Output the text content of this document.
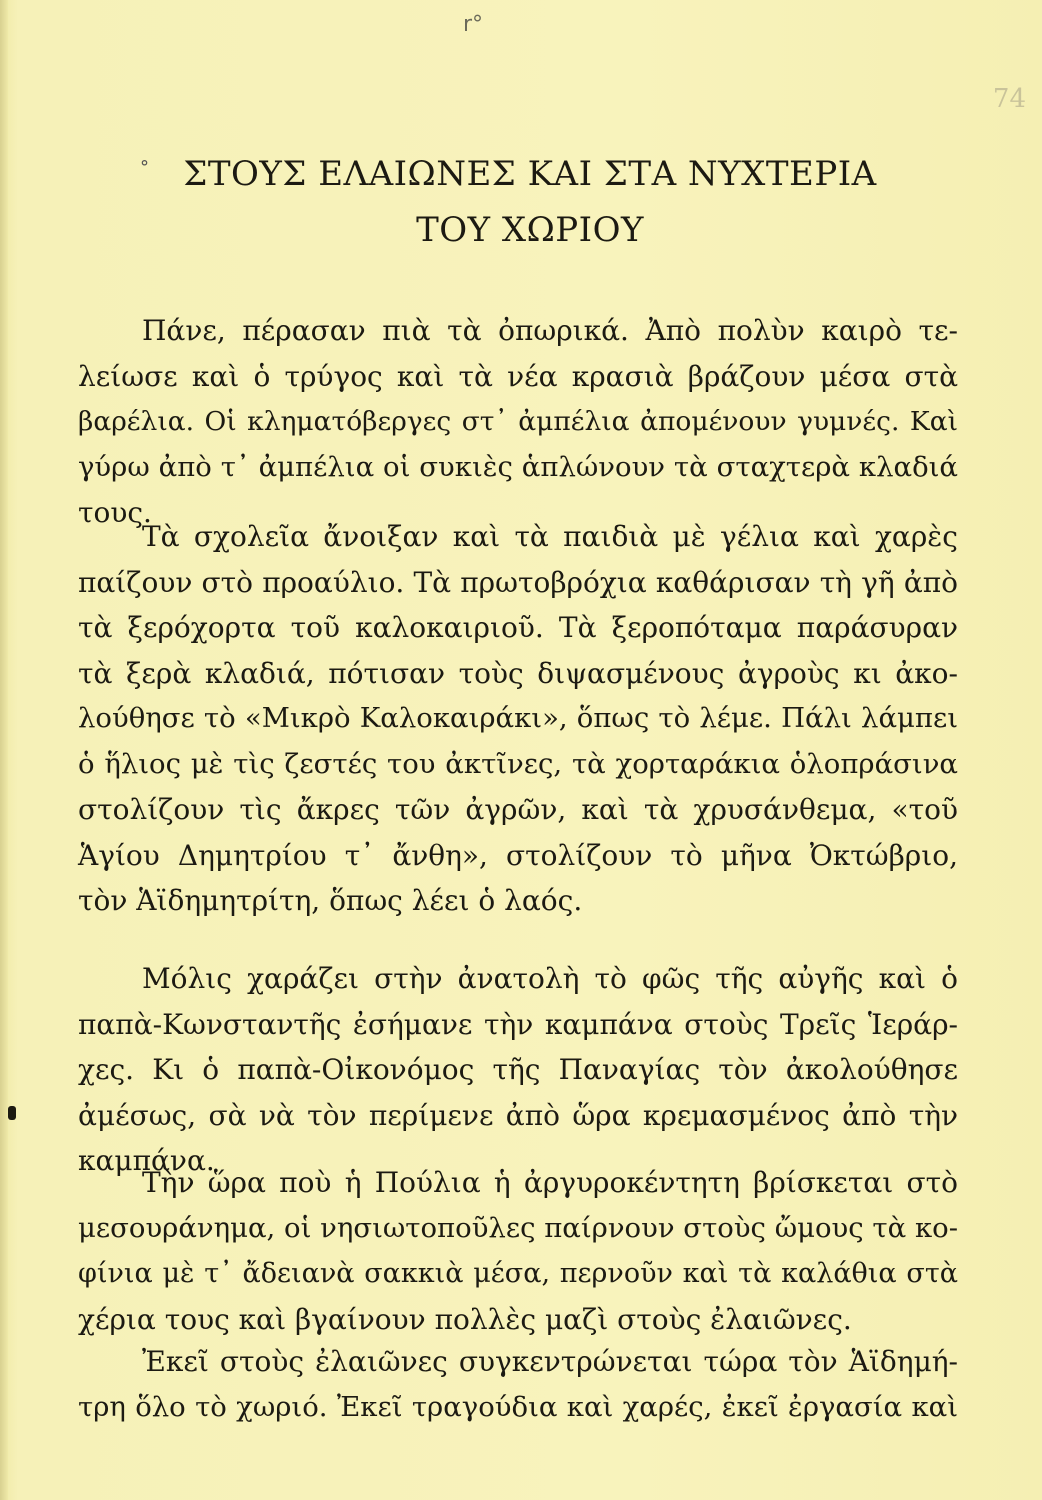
r°
74
° ΣΤΟΥΣ ΕΛΑΙΩΝΕΣ ΚΑΙ ΣΤΑ ΝΥΧΤΕΡΙΑ
ΤΟΥ ΧΩΡΙΟΥ
Πάνε, πέρασαν πιὰ τὰ ὀπωρικά. Ἀπὸ πολὺν καιρὸ τε-
λείωσε καὶ ὁ τρύγος καὶ τὰ νέα κρασιὰ βράζουν μέσα στὰ
βαρέλια. Οἱ κληματόβεργες στ᾽ ἀμπέλια ἀπομένουν γυμνές. Καὶ
γύρω ἀπὸ τ᾽ ἀμπέλια οἱ συκιὲς ἁπλώνουν τὰ σταχτερὰ κλαδιά
τους.
Τὰ σχολεῖα ἄνοιξαν καὶ τὰ παιδιὰ μὲ γέλια καὶ χαρὲς
παίζουν στὸ προαύλιο. Τὰ πρωτοβρόχια καθάρισαν τὴ γῆ ἀπὸ
τὰ ξερόχορτα τοῦ καλοκαιριοῦ. Τὰ ξεροπόταμα παράσυραν
τὰ ξερὰ κλαδιά, πότισαν τοὺς διψασμένους ἀγροὺς κι ἀκο-
λούθησε τὸ «Μικρὸ Καλοκαιράκι», ὅπως τὸ λέμε. Πάλι λάμπει
ὁ ἥλιος μὲ τὶς ζεστές του ἀκτῖνες, τὰ χορταράκια ὁλοπράσινα
στολίζουν τὶς ἄκρες τῶν ἀγρῶν, καὶ τὰ χρυσάνθεμα, «τοῦ
Ἁγίου Δημητρίου τ᾽ ἄνθη», στολίζουν τὸ μῆνα Ὀκτώβριο,
τὸν Ἁϊδημητρίτη, ὅπως λέει ὁ λαός.
Μόλις χαράζει στὴν ἀνατολὴ τὸ φῶς τῆς αὐγῆς καὶ ὁ
παπὰ-Κωνσταντῆς ἐσήμανε τὴν καμπάνα στοὺς Τρεῖς Ἱεράρ-
χες. Κι ὁ παπὰ-Οἰκονόμος τῆς Παναγίας τὸν ἀκολούθησε
ἀμέσως, σὰ νὰ τὸν περίμενε ἀπὸ ὥρα κρεμασμένος ἀπὸ τὴν
καμπάνα.
Τὴν ὥρα ποὺ ἡ Πούλια ἡ ἀργυροκέντητη βρίσκεται στὸ
μεσουράνημα, οἱ νησιωτοποῦλες παίρνουν στοὺς ὤμους τὰ κο-
φίνια μὲ τ᾽ ἄδειανὰ σακκιὰ μέσα, περνοῦν καὶ τὰ καλάθια στὰ
χέρια τους καὶ βγαίνουν πολλὲς μαζὶ στοὺς ἐλαιῶνες.
Ἐκεῖ στοὺς ἐλαιῶνες συγκεντρώνεται τώρα τὸν Ἁϊδημή-
τρη ὅλο τὸ χωριό. Ἐκεῖ τραγούδια καὶ χαρές, ἐκεῖ ἐργασία καὶ
